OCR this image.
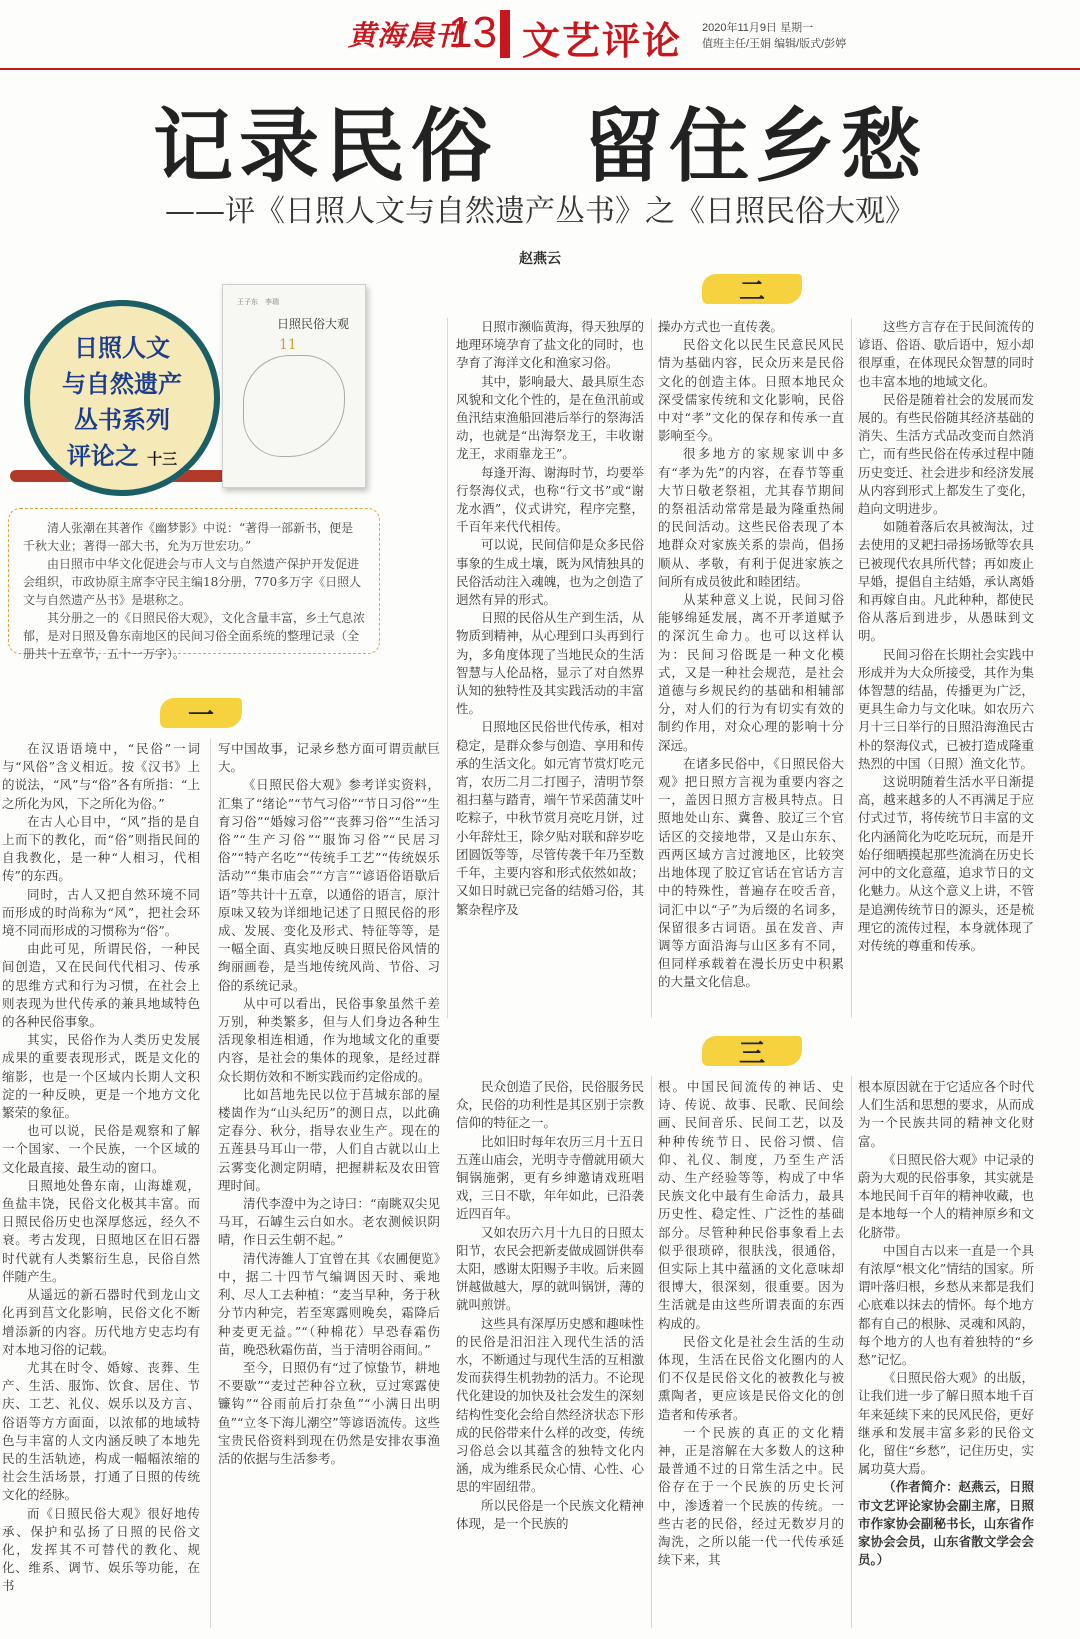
黄海晨刊
13 文艺评论 2020年11月9日 星期一
值班主任/王娟 编辑/版式/彭婷
记录民俗　留住乡愁
——评《日照人文与自然遗产丛书》之《日照民俗大观》
赵燕云
日照人文
与自然遗产
丛书系列
评论之 十三
王子东　李瑞
日照民俗大观
11

清人张潮在其著作《幽梦影》中说：“著得一部新书，便是千秋大业；著得一部大书，允为万世宏功。”

由日照市中华文化促进会与市人文与自然遗产保护开发促进会组织，市政协原主席李守民主编18分册，770多万字《日照人文与自然遗产丛书》是堪称之。

其分册之一的《日照民俗大观》，文化含量丰富，乡土气息浓郁，是对日照及鲁东南地区的民间习俗全面系统的整理记录（全册共十五章节，五十一万字）。

一
二
三

在汉语语境中，“民俗”一词与“风俗”含义相近。按《汉书》上的说法，“风”与“俗”各有所指：“上之所化为风，下之所化为俗。”

在古人心目中，“风”指的是自上而下的教化，而“俗”则指民间的自我教化，是一种“人相习，代相传”的东西。

同时，古人又把自然环境不同而形成的时尚称为“风”，把社会环境不同而形成的习惯称为“俗”。

由此可见，所谓民俗，一种民间创造，又在民间代代相习、传承的思维方式和行为习惯，在社会上则表现为世代传承的兼具地域特色的各种民俗事象。

其实，民俗作为人类历史发展成果的重要表现形式，既是文化的缩影，也是一个区域内长期人文积淀的一种反映，更是一个地方文化繁荣的象征。

也可以说，民俗是观察和了解一个国家、一个民族，一个区域的文化最直接、最生动的窗口。

日照地处鲁东南，山海雄观，鱼盐丰饶，民俗文化极其丰富。而日照民俗历史也深厚悠远，经久不衰。考古发现，日照地区在旧石器时代就有人类繁衍生息，民俗自然伴随产生。

从遥远的新石器时代到龙山文化再到莒文化影响，民俗文化不断增添新的内容。历代地方史志均有对本地习俗的记载。

尤其在时令、婚嫁、丧葬、生产、生活、服饰、饮食、居住、节庆、工艺、礼仪、娱乐以及方言、俗语等方方面面，以浓郁的地域特色与丰富的人文内涵反映了本地先民的生活轨迹，构成一幅幅浓缩的社会生活场景，打通了日照的传统文化的经脉。

而《日照民俗大观》很好地传承、保护和弘扬了日照的民俗文化，发挥其不可替代的教化、规化、维系、调节、娱乐等功能，在书

写中国故事，记录乡愁方面可谓贡献巨大。

《日照民俗大观》参考详实资料，汇集了“绪论”“节气习俗”“节日习俗”“生育习俗”“婚嫁习俗”“丧葬习俗”“生活习俗”“生产习俗”“服饰习俗”“民居习俗”“特产名吃”“传统手工艺”“传统娱乐活动”“集市庙会”“方言”“谚语俗语歇后语”等共计十五章，以通俗的语言，原汁原味又较为详细地记述了日照民俗的形成、发展、变化及形式、特征等等，是一幅全面、真实地反映日照民俗风情的绚丽画卷，是当地传统风尚、节俗、习俗的系统记录。

从中可以看出，民俗事象虽然千差万别，种类繁多，但与人们身边各种生活现象相连相通，作为地域文化的重要内容，是社会的集体的现象，是经过群众长期仿效和不断实践而约定俗成的。

比如莒地先民以位于莒城东部的屋楼崮作为“山头纪历”的测日点，以此确定春分、秋分，指导农业生产。现在的五莲县马耳山一带，人们自古就以山上云雾变化测定阴晴，把握耕耘及农田管理时间。

清代李澄中为之诗曰：“南眺双尖见马耳，石罅生云白如水。老农测候识阴晴，作日云生朝不起。”

清代涛雒人丁宜曾在其《农圃便览》中，据二十四节气编调因天时、乘地利、尽人工去种植：“麦当早种，务于秋分节内种完，若至寒露则晚矣，霜降后种麦更无益。”“（种棉花）早恐春霜伤苗，晚恐秋霜伤苗，当于清明谷雨间。”

至今，日照仍有“过了惊蛰节，耕地不要歇”“麦过芒种谷立秋，豆过寒露使镰钩”“谷雨前后打杂鱼”“小满日出明鱼”“立冬下海儿潮空”等谚语流传。这些宝贵民俗资料到现在仍然是安排农事渔活的依据与生活参考。

日照市濒临黄海，得天独厚的地理环境孕育了盐文化的同时，也孕育了海洋文化和渔家习俗。

其中，影响最大、最具原生态风貌和文化个性的，是在鱼汛前或鱼汛结束渔船回港后举行的祭海活动，也就是“出海祭龙王，丰收谢龙王，求雨靠龙王”。

每逢开海、谢海时节，均要举行祭海仪式，也称“行文书”或“谢龙水酒”，仪式讲究，程序完整，千百年来代代相传。

可以说，民间信仰是众多民俗事象的生成土壤，既为风情独具的民俗活动注入魂魄，也为之创造了迥然有异的形式。

日照的民俗从生产到生活，从物质到精神，从心理到口头再到行为，多角度体现了当地民众的生活智慧与人伦品格，显示了对自然界认知的独特性及其实践活动的丰富性。

日照地区民俗世代传承，相对稳定，是群众参与创造、享用和传承的生活文化。如元宵节赏灯吃元宵，农历二月二打囤子，清明节祭祖扫墓与踏青，端午节采茵蒲艾叶吃粽子，中秋节赏月亮吃月饼，过小年辞灶王，除夕贴对联和辞岁吃团圆饭等等，尽管传袭千年乃至数千年，主要内容和形式依然如故；又如日时就已完备的结婚习俗，其繁杂程序及

操办方式也一直传袭。

民俗文化以民生民意民风民情为基础内容，民众历来是民俗文化的创造主体。日照本地民众深受儒家传统和文化影响，民俗中对“孝”文化的保存和传承一直影响至今。

很多地方的家规家训中多有“孝为先”的内容，在春节等重大节日敬老祭祖，尤其春节期间的祭祖活动常常是最为隆重热闹的民间活动。这些民俗表现了本地群众对家族关系的崇尚，倡扬顺从、孝敬，有利于促进家族之间所有成员彼此和睦团结。

从某种意义上说，民间习俗能够绵延发展，离不开孝道赋予的深沉生命力。也可以这样认为：民间习俗既是一种文化模式，又是一种社会规范，是社会道德与乡规民约的基础和相辅部分，对人们的行为有切实有效的制约作用，对众心理的影响十分深远。

在诸多民俗中，《日照民俗大观》把日照方言视为重要内容之一，盖因日照方言极具特点。日照地处山东、冀鲁、胶辽三个官话区的交接地带，又是山东东、西两区域方言过渡地区，比较突出地体现了胶辽官话在官话方言中的特殊性，普遍存在咬舌音，词汇中以“子”为后缀的名词多，保留很多古词语。虽在发音、声调等方面沿海与山区多有不同，但同样承载着在漫长历史中积累的大量文化信息。

这些方言存在于民间流传的谚语、俗语、歇后语中，短小却很厚重，在体现民众智慧的同时也丰富本地的地域文化。

民俗是随着社会的发展而发展的。有些民俗随其经济基础的消失、生活方式品改变而自然消亡，而有些民俗在传承过程中随历史变迁、社会进步和经济发展从内容到形式上都发生了变化，趋向文明进步。

如随着落后农具被淘汰，过去使用的叉耙扫帚扬场锨等农具已被现代农具所代替；再如废止早婚，提倡自主结婚，承认离婚和再嫁自由。凡此种种，都使民俗从落后到进步，从愚昧到文明。

民间习俗在长期社会实践中形成并为大众所接受，其作为集体智慧的结晶，传播更为广泛，更具生命力与文化味。如农历六月十三日举行的日照沿海渔民古朴的祭海仪式，已被打造成隆重热烈的中国（日照）渔文化节。

这说明随着生活水平日渐提高，越来越多的人不再满足于应付式过节，将传统节日丰富的文化内涵简化为吃吃玩玩，而是开始仔细晒摸起那些流淌在历史长河中的文化意蕴，追求节日的文化魅力。从这个意义上讲，不管是追溯传统节日的源头，还是梳理它的流传过程，本身就体现了对传统的尊重和传承。

民众创造了民俗，民俗服务民众，民俗的功利性是其区别于宗教信仰的特征之一。

比如旧时每年农历三月十五日五莲山庙会，光明寺寺僧就用硕大铜锅施粥，更有乡绅邀请戏班唱戏，三日不歇，年年如此，已沿袭近四百年。

又如农历六月十九日的日照太阳节，农民会把新麦做成圆饼供奉太阳，感谢太阳赐予丰收。后来圆饼越做越大，厚的就叫锅饼，薄的就叫煎饼。

这些具有深厚历史感和趣味性的民俗是汨汨注入现代生活的活水，不断通过与现代生活的互相激发而获得生机勃勃的活力。不论现代化建设的加快及社会发生的深刻结构性变化会给自然经济状态下形成的民俗带来什么样的改变，传统习俗总会以其蕴含的独特文化内涵，成为维系民众心情、心性、心思的牢固纽带。

所以民俗是一个民族文化精神体现，是一个民族的

根。中国民间流传的神话、史诗、传说、故事、民歌、民间绘画、民间音乐、民间工艺，以及种种传统节日、民俗习惯、信仰、礼仪、制度，乃至生产活动、生产经验等等，构成了中华民族文化中最有生命活力，最具历史性、稳定性、广泛性的基础部分。尽管种种民俗事象看上去似乎很琐碎，很肤浅，很通俗，但实际上其中蕴涵的文化意味却很博大，很深刻，很重要。因为生活就是由这些所谓表面的东西构成的。

民俗文化是社会生活的生动体现，生活在民俗文化圈内的人们不仅是民俗文化的被教化与被熏陶者，更应该是民俗文化的创造者和传承者。

一个民族的真正的文化精神，正是溶解在大多数人的这种最普通不过的日常生活之中。民俗存在于一个民族的历史长河中，渗透着一个民族的传统。一些古老的民俗，经过无数岁月的淘洗，之所以能一代一代传承延续下来，其

根本原因就在于它适应各个时代人们生活和思想的要求，从而成为一个民族共同的精神文化财富。

《日照民俗大观》中记录的蔚为大观的民俗事象，其实就是本地民间千百年的精神收藏，也是本地每一个人的精神原乡和文化脐带。

中国自古以来一直是一个具有浓厚“根文化”情结的国家。所谓叶落归根，乡愁从来都是我们心底难以抹去的情怀。每个地方都有自己的根脉、灵魂和风韵，每个地方的人也有着独特的“乡愁”记忆。

《日照民俗大观》的出版，让我们进一步了解日照本地千百年来延续下来的民风民俗，更好继承和发展丰富多彩的民俗文化，留住“乡愁”，记住历史，实属功莫大焉。

（作者简介：赵燕云，日照市文艺评论家协会副主席，日照市作家协会副秘书长，山东省作家协会会员，山东省散文学会会员。）
